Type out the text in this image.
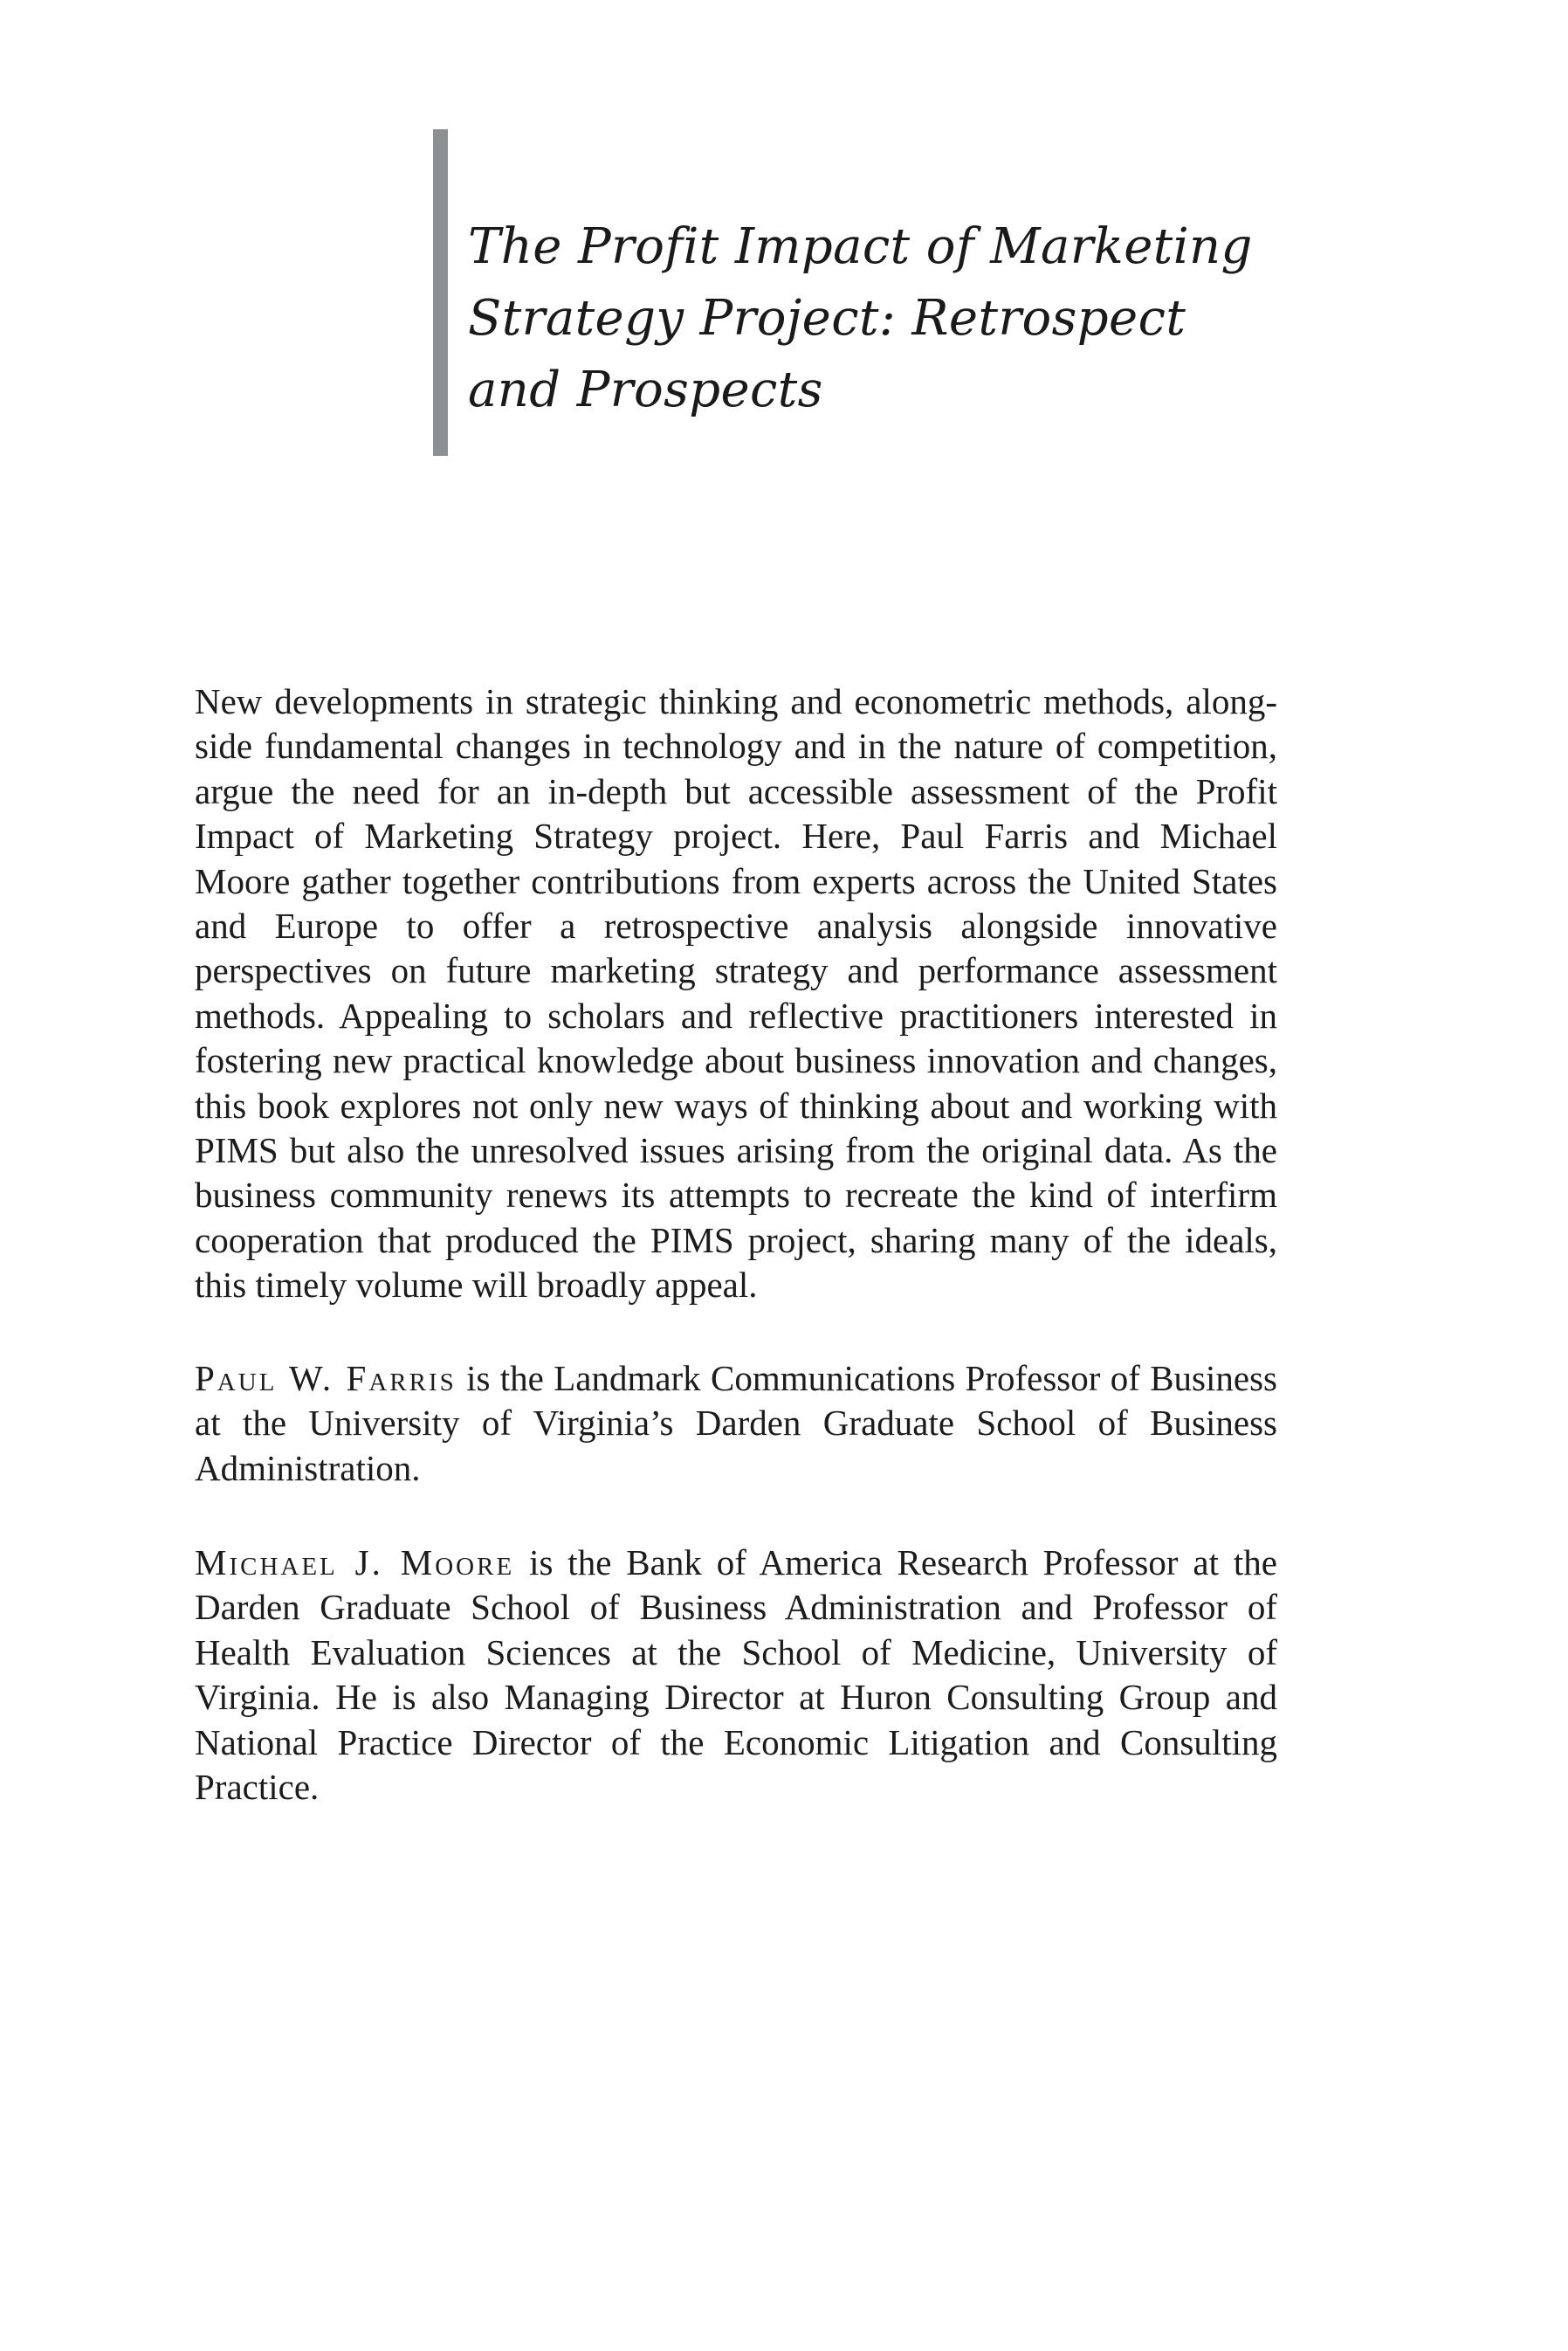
The Profit Impact of Marketing
Strategy Project: Retrospect
and Prospects

New developments in strategic thinking and econometric methods, alongside fundamental changes in technology and in the nature of competition, argue the need for an in-depth but accessible assessment of the Profit Impact of Marketing Strategy project. Here, Paul Farris and Michael Moore gather together contributions from experts across the United States and Europe to offer a retrospective analysis alongside innovative perspectives on future marketing strategy and performance assessment methods. Appealing to scholars and reflective practitioners interested in fostering new practical knowledge about business innovation and changes, this book explores not only new ways of thinking about and working with PIMS but also the unresolved issues arising from the original data. As the business community renews its attempts to recreate the kind of interfirm cooperation that produced the PIMS project, sharing many of the ideals, this timely volume will broadly appeal.

Paul W. Farris is the Landmark Communications Professor of Business at the University of Virginia’s Darden Graduate School of Business Administration.

Michael J. Moore is the Bank of America Research Professor at the Darden Graduate School of Business Administration and Professor of Health Evaluation Sciences at the School of Medicine, University of Virginia. He is also Managing Director at Huron Consulting Group and National Practice Director of the Economic Litigation and Consulting Practice.
